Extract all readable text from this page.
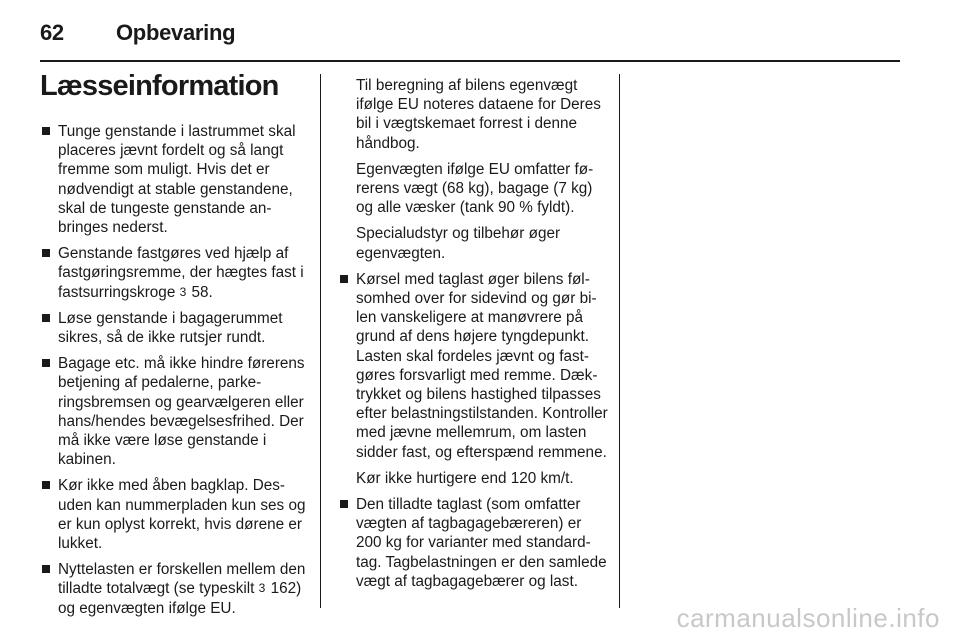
62 Opbevaring
Læsseinformation
Tunge genstande i lastrummet skal placeres jævnt fordelt og så langt fremme som muligt. Hvis det er nødvendigt at stable genstandene, skal de tungeste genstande anbringes nederst.
Genstande fastgøres ved hjælp af fastgøringsremme, der hægtes fast i fastsurringskroge 3 58.
Løse genstande i bagagerummet sikres, så de ikke rutsjer rundt.
Bagage etc. må ikke hindre førerens betjening af pedalerne, parkeringsbremsen og gearvælgeren eller hans/hendes bevægelsesfrihed. Der må ikke være løse genstande i kabinen.
Kør ikke med åben bagklap. Desuden kan nummerpladen kun ses og er kun oplyst korrekt, hvis dørene er lukket.
Nyttelasten er forskellen mellem den tilladte totalvægt (se typeskilt 3 162) og egenvægten ifølge EU.

Til beregning af bilens egenvægt ifølge EU noteres dataene for Deres bil i vægtskemaet forrest i denne håndbog.

Egenvægten ifølge EU omfatter førerens vægt (68 kg), bagage (7 kg) og alle væsker (tank 90 % fyldt).

Specialudstyr og tilbehør øger egenvægten.

Kørsel med taglast øger bilens følsomhed over for sidevind og gør bilen vanskeligere at manøvrere på grund af dens højere tyngdepunkt. Lasten skal fordeles jævnt og fastgøres forsvarligt med remme. Dæktrykket og bilens hastighed tilpasses efter belastningstilstanden. Kontroller med jævne mellemrum, om lasten sidder fast, og efterspænd remmene.

Kør ikke hurtigere end 120 km/t.

Den tilladte taglast (som omfatter vægten af tagbagagebæreren) er 200 kg for varianter med standardtag. Tagbelastningen er den samlede vægt af tagbagagebærer og last.
carmanualsonline.info
